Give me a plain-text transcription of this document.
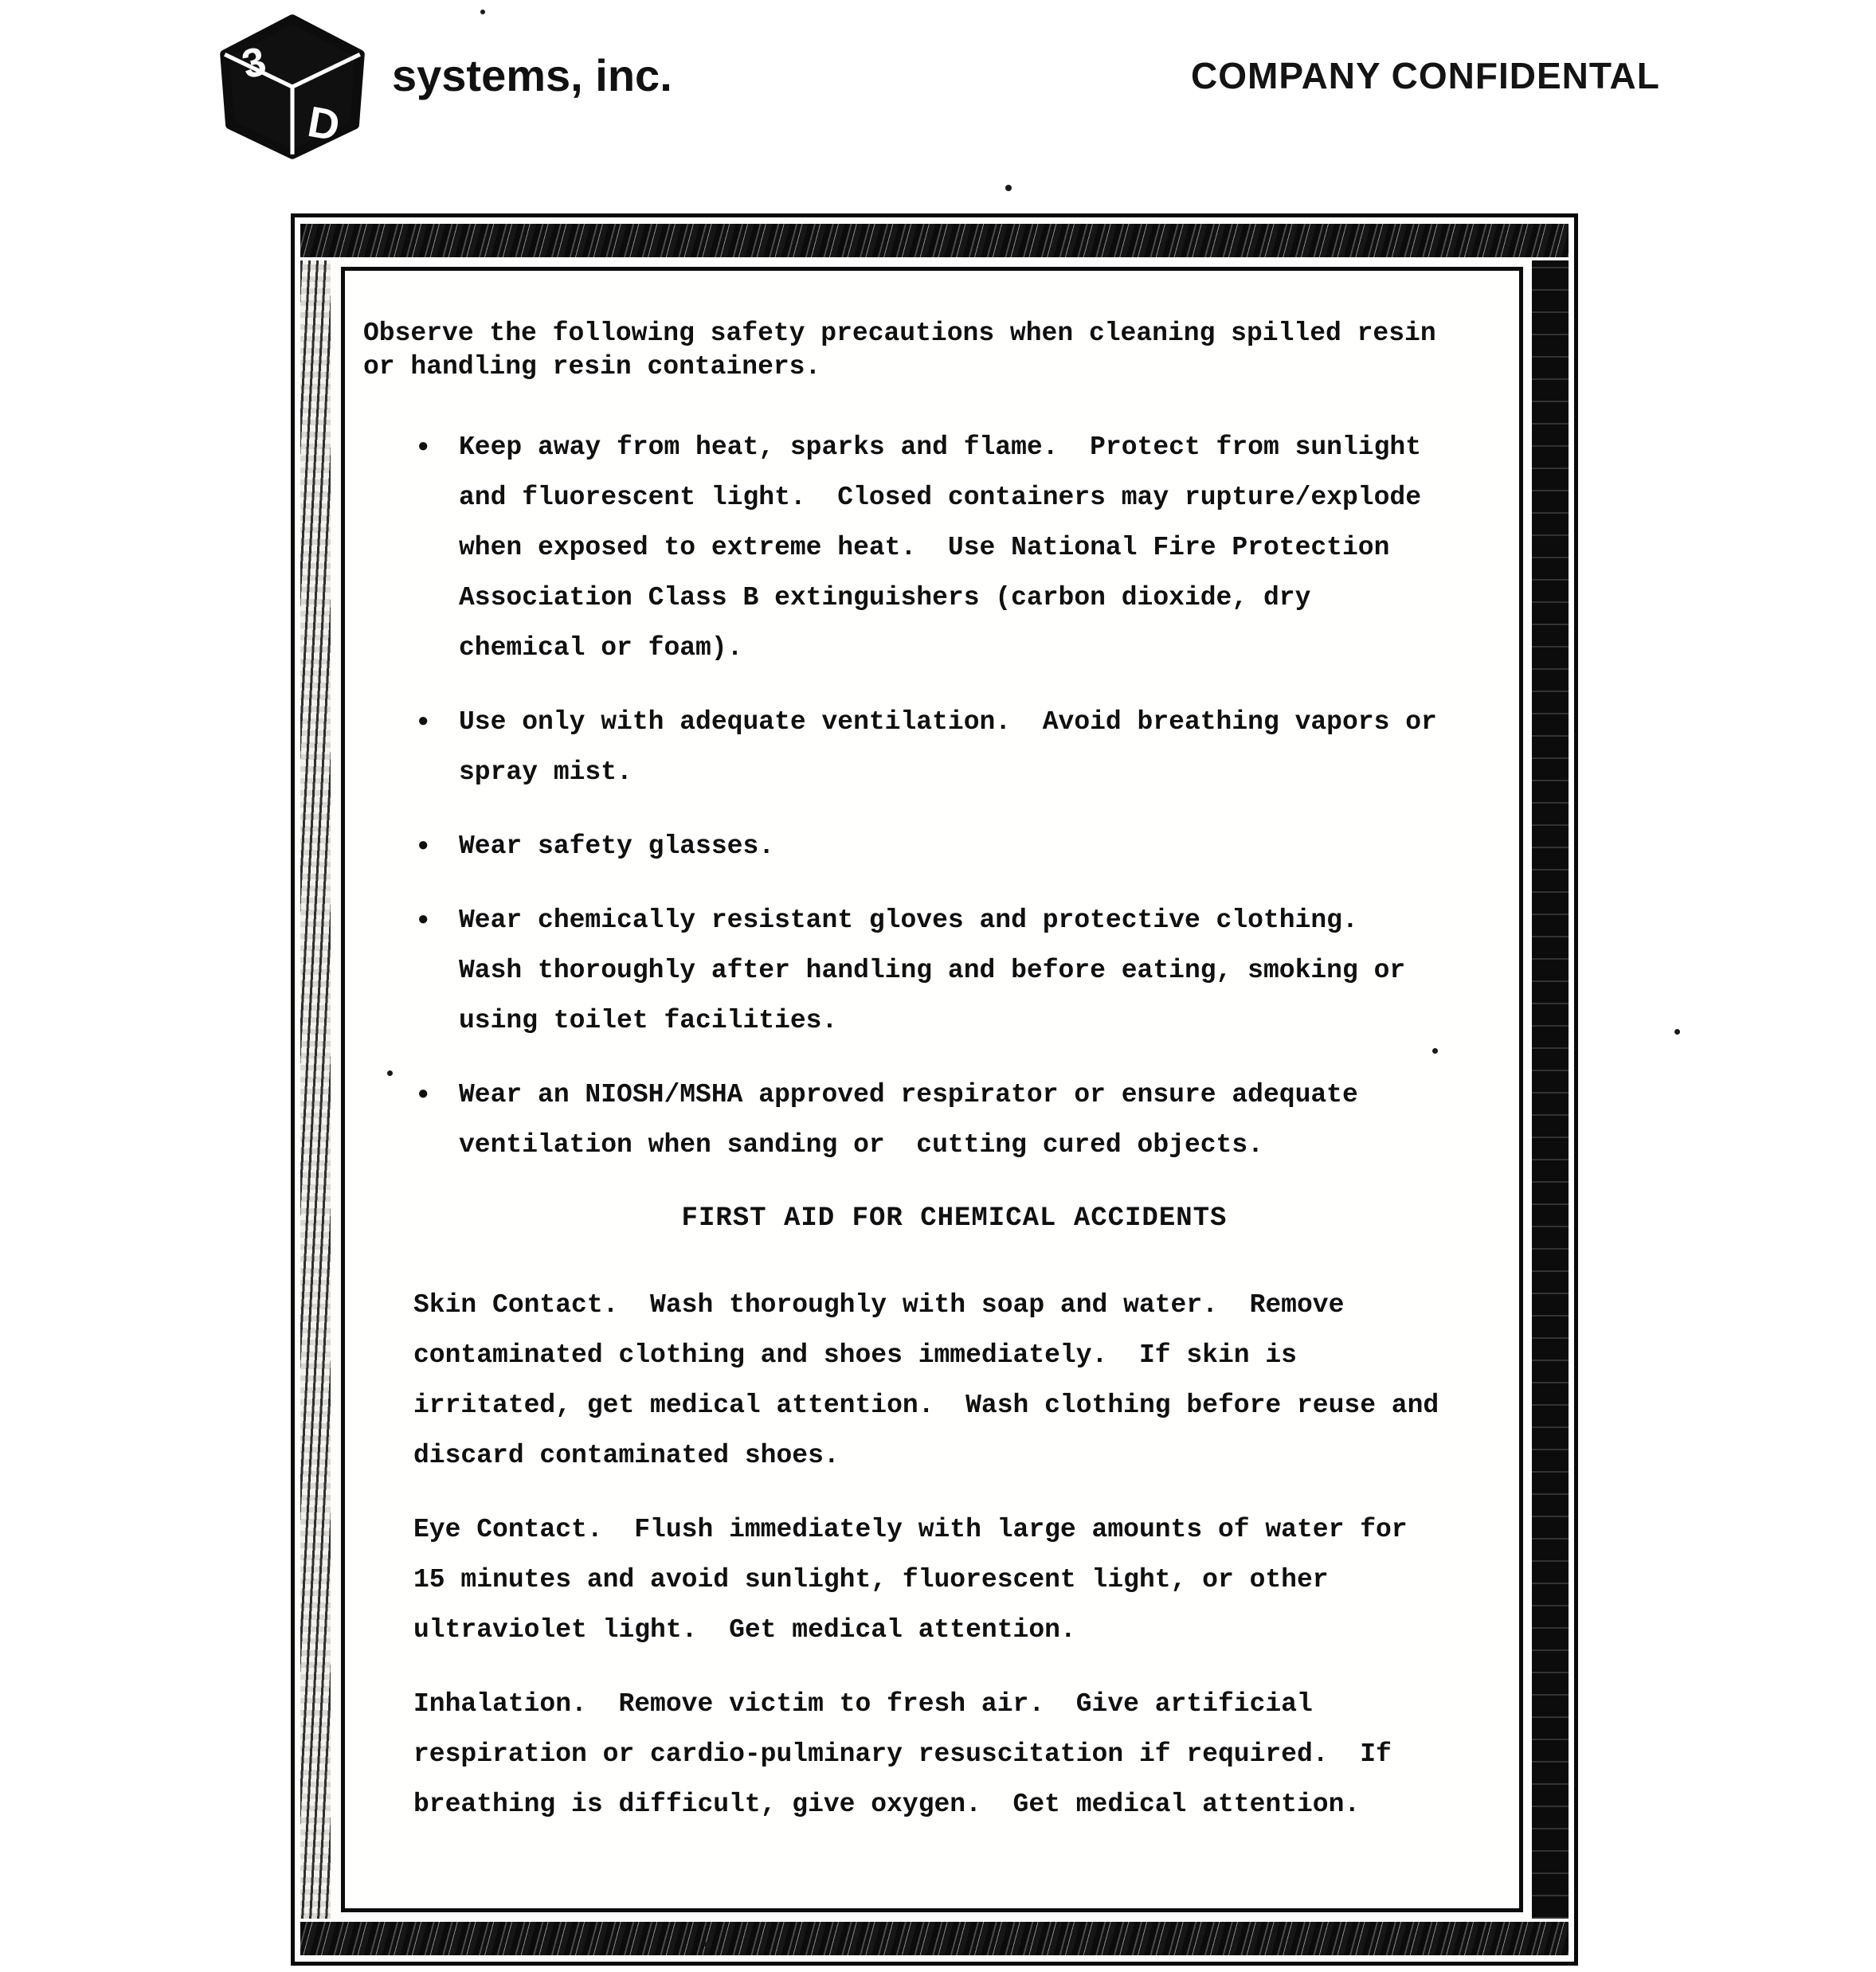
3
D
systems, inc.	COMPANY CONFIDENTAL

Observe the following safety precautions when cleaning spilled resin
or handling resin containers.

●	Keep away from heat, sparks and flame.  Protect from sunlight
and fluorescent light.  Closed containers may rupture/explode
when exposed to extreme heat.  Use National Fire Protection
Association Class B extinguishers (carbon dioxide, dry
chemical or foam).
●	Use only with adequate ventilation.  Avoid breathing vapors or
spray mist.
●	Wear safety glasses.
●	Wear chemically resistant gloves and protective clothing.
Wash thoroughly after handling and before eating, smoking or
using toilet facilities.
●	Wear an NIOSH/MSHA approved respirator or ensure adequate
ventilation when sanding or  cutting cured objects.
FIRST AID FOR CHEMICAL ACCIDENTS

Skin Contact.  Wash thoroughly with soap and water.  Remove
contaminated clothing and shoes immediately.  If skin is
irritated, get medical attention.  Wash clothing before reuse and
discard contaminated shoes.

Eye Contact.  Flush immediately with large amounts of water for
15 minutes and avoid sunlight, fluorescent light, or other
ultraviolet light.  Get medical attention.

Inhalation.  Remove victim to fresh air.  Give artificial
respiration or cardio-pulminary resuscitation if required.  If
breathing is difficult, give oxygen.  Get medical attention.
